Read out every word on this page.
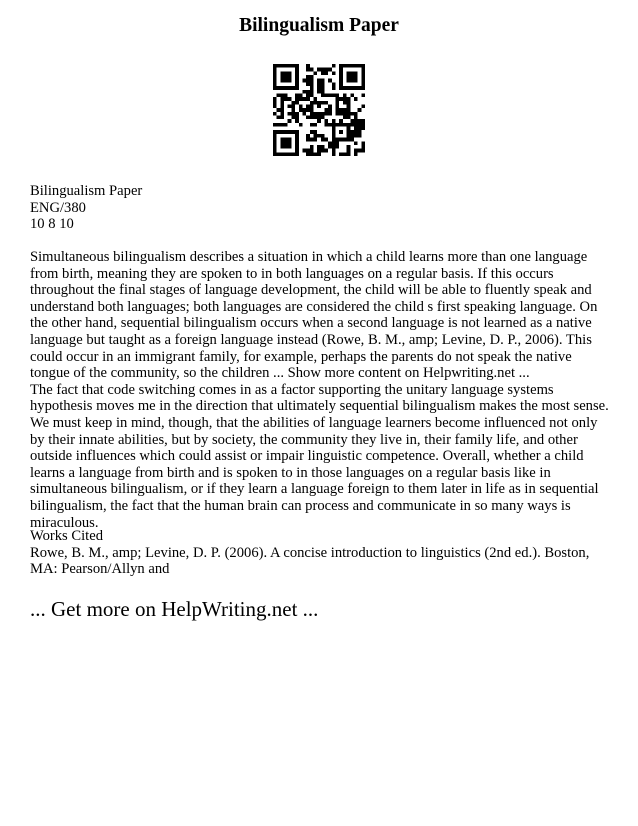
Bilingualism Paper
Bilingualism Paper
ENG/380
10 8 10

Simultaneous bilingualism describes a situation in which a child learns more than one language from birth, meaning they are spoken to in both languages on a regular basis. If this occurs throughout the final stages of language development, the child will be able to fluently speak and understand both languages; both languages are considered the child s first speaking language. On the other hand, sequential bilingualism occurs when a second language is not learned as a native language but taught as a foreign language instead (Rowe, B. M., amp; Levine, D. P., 2006). This could occur in an immigrant family, for example, perhaps the parents do not speak the native tongue of the community, so the children ... Show more content on Helpwriting.net ...

The fact that code switching comes in as a factor supporting the unitary language systems hypothesis moves me in the direction that ultimately sequential bilingualism makes the most sense. We must keep in mind, though, that the abilities of language learners become influenced not only by their innate abilities, but by society, the community they live in, their family life, and other outside influences which could assist or impair linguistic competence. Overall, whether a child learns a language from birth and is spoken to in those languages on a regular basis like in simultaneous bilingualism, or if they learn a language foreign to them later in life as in sequential bilingualism, the fact that the human brain can process and communicate in so many ways is miraculous.

Works Cited
Rowe, B. M., amp; Levine, D. P. (2006). A concise introduction to linguistics (2nd ed.). Boston, MA: Pearson/Allyn and
... Get more on HelpWriting.net ...
